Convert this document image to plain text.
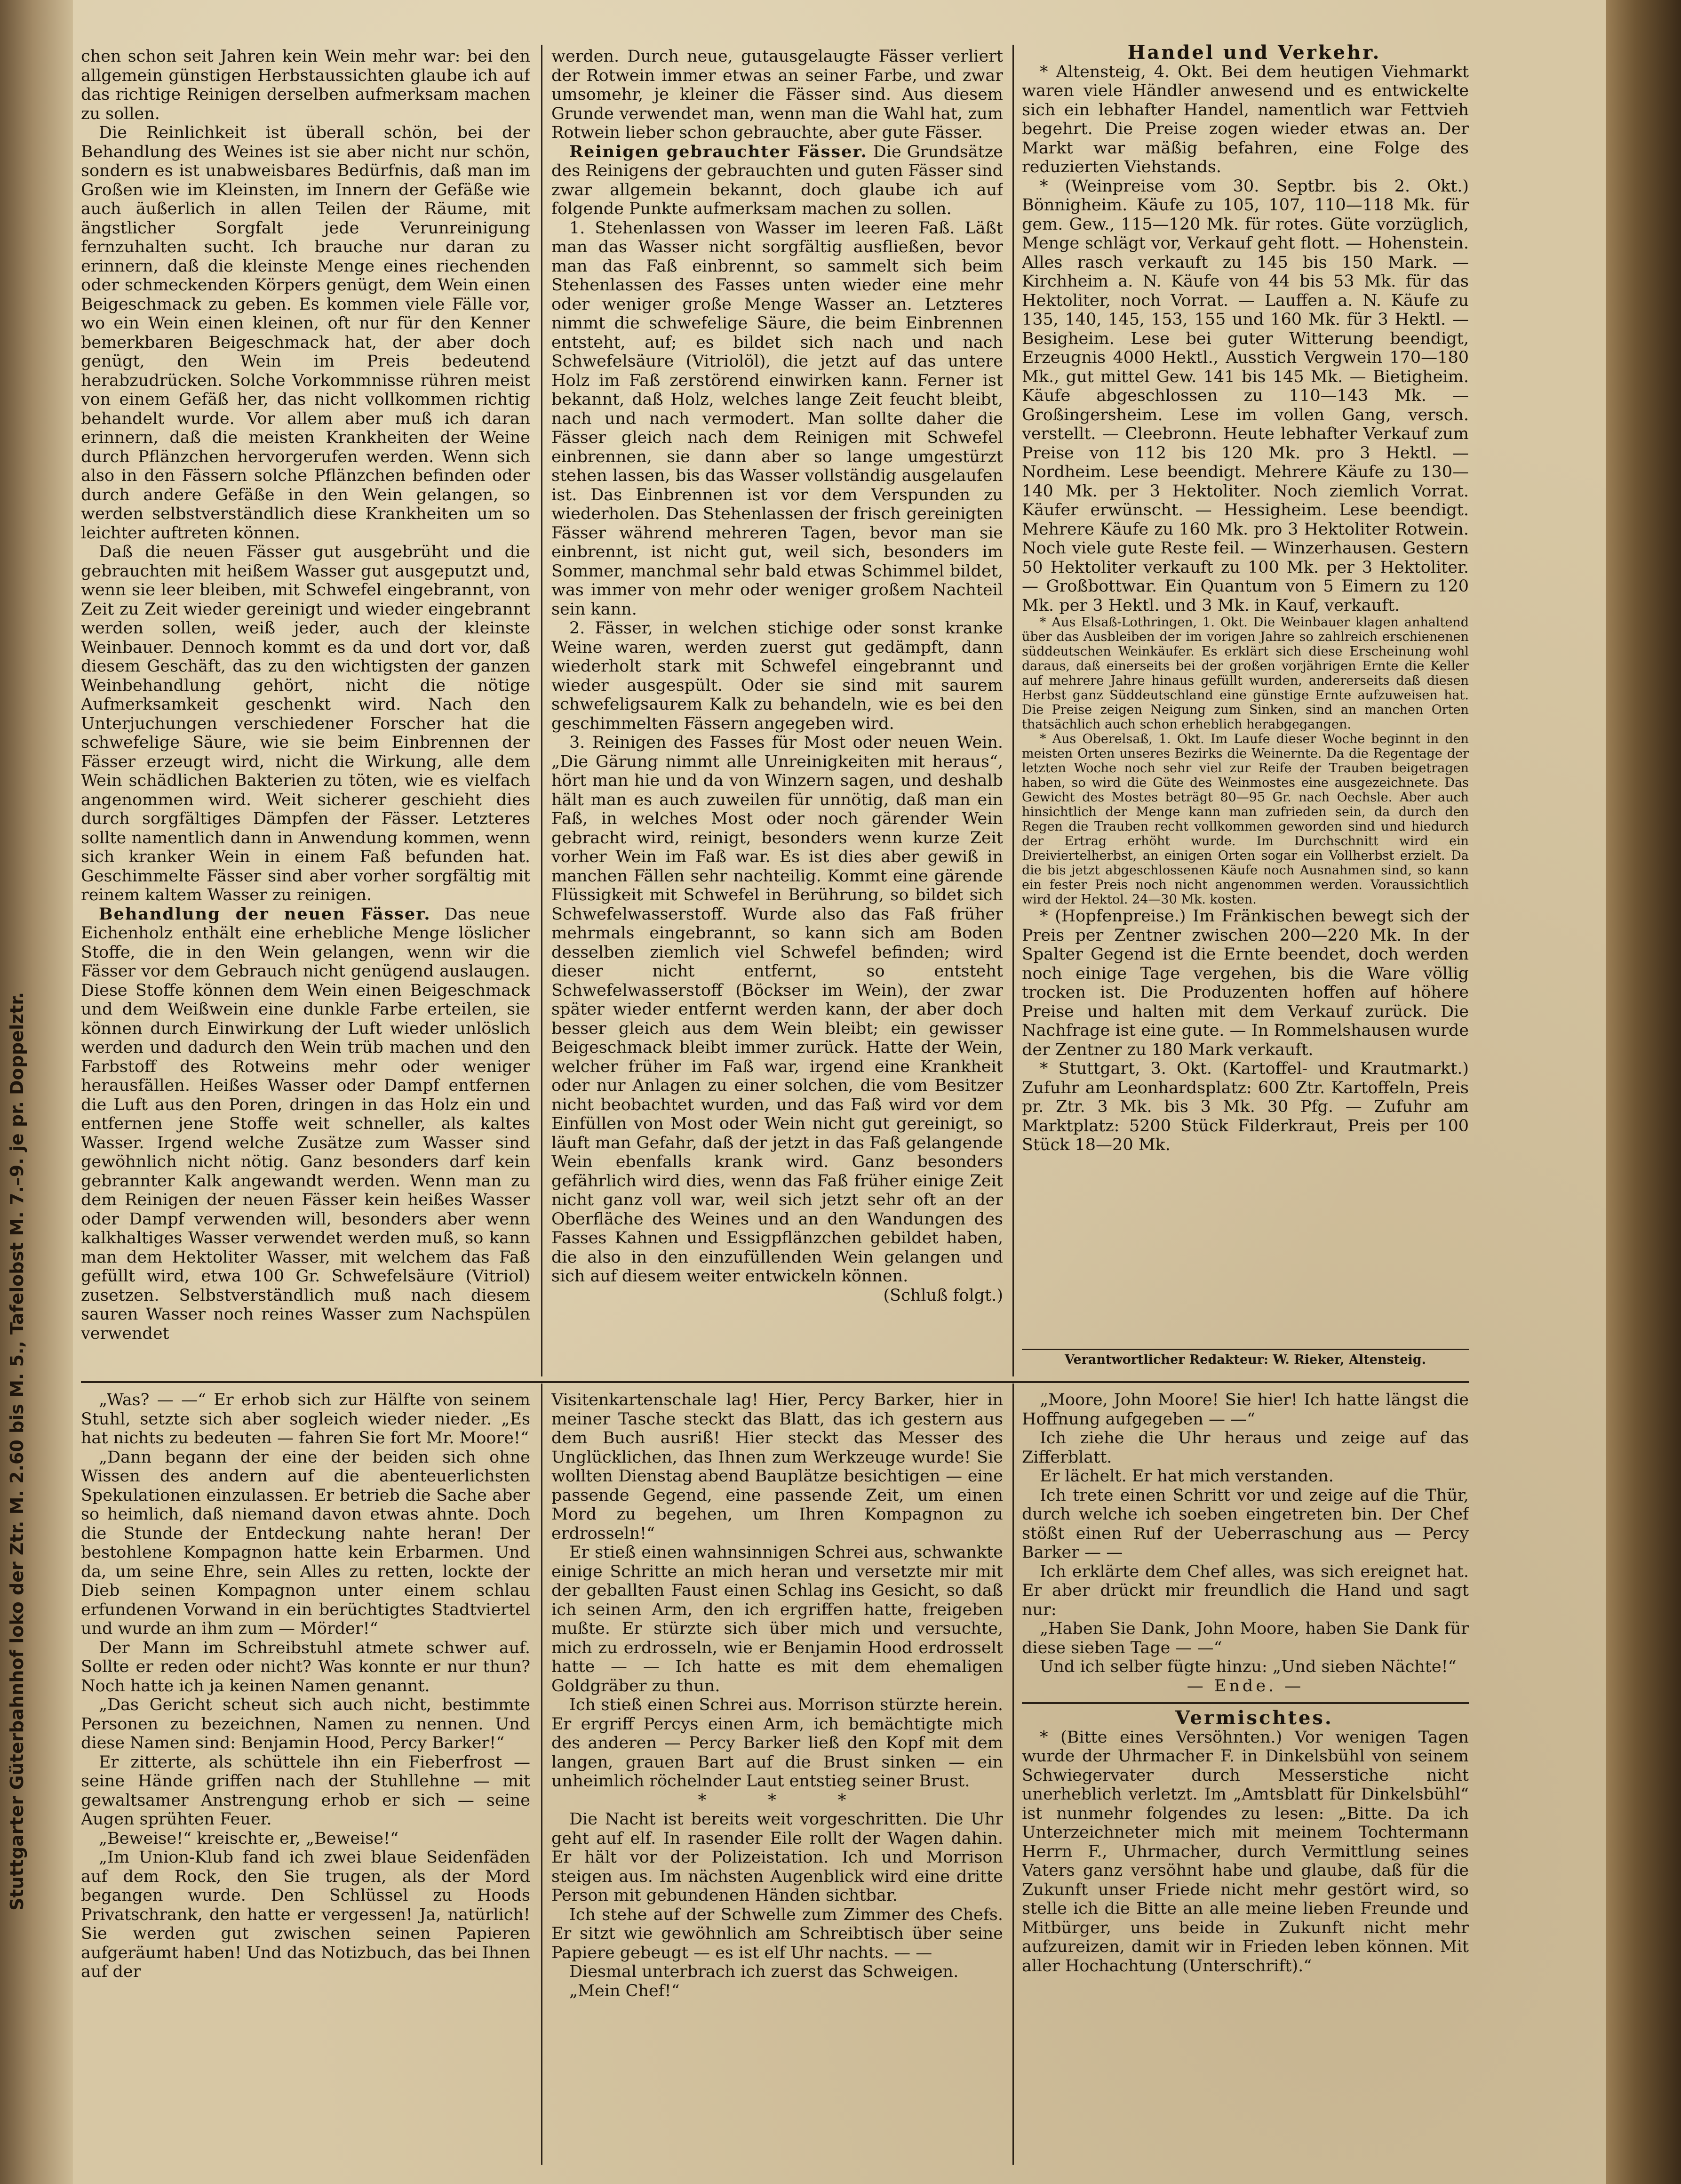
Stuttgarter Güterbahnhof loko der Ztr. M. 2.60 bis M. 5., Tafelobst M. 7.–9. je pr. Doppelztr.

chen schon seit Jahren kein Wein mehr war: bei den allgemein günstigen Herbstaussichten glaube ich auf das richtige Reinigen derselben aufmerksam machen zu sollen.

Die Reinlichkeit ist überall schön, bei der Behandlung des Weines ist sie aber nicht nur schön, sondern es ist unabweisbares Bedürfnis, daß man im Großen wie im Kleinsten, im Innern der Gefäße wie auch äußerlich in allen Teilen der Räume, mit ängstlicher Sorgfalt jede Verunreinigung fernzuhalten sucht. Ich brauche nur daran zu erinnern, daß die kleinste Menge eines riechenden oder schmeckenden Körpers genügt, dem Wein einen Beigeschmack zu geben. Es kommen viele Fälle vor, wo ein Wein einen kleinen, oft nur für den Kenner bemerkbaren Beigeschmack hat, der aber doch genügt, den Wein im Preis bedeutend herabzudrücken. Solche Vorkommnisse rühren meist von einem Gefäß her, das nicht vollkommen richtig behandelt wurde. Vor allem aber muß ich daran erinnern, daß die meisten Krankheiten der Weine durch Pflänzchen hervorgerufen werden. Wenn sich also in den Fässern solche Pflänzchen befinden oder durch andere Gefäße in den Wein gelangen, so werden selbstverständlich diese Krankheiten um so leichter auftreten können.

Daß die neuen Fässer gut ausgebrüht und die gebrauchten mit heißem Wasser gut ausgeputzt und, wenn sie leer bleiben, mit Schwefel eingebrannt, von Zeit zu Zeit wieder gereinigt und wieder eingebrannt werden sollen, weiß jeder, auch der kleinste Weinbauer. Dennoch kommt es da und dort vor, daß diesem Geschäft, das zu den wichtigsten der ganzen Weinbehandlung gehört, nicht die nötige Aufmerksamkeit geschenkt wird. Nach den Unterjuchungen verschiedener Forscher hat die schwefelige Säure, wie sie beim Einbrennen der Fässer erzeugt wird, nicht die Wirkung, alle dem Wein schädlichen Bakterien zu töten, wie es vielfach angenommen wird. Weit sicherer geschieht dies durch sorgfältiges Dämpfen der Fässer. Letzteres sollte namentlich dann in Anwendung kommen, wenn sich kranker Wein in einem Faß befunden hat. Geschimmelte Fässer sind aber vorher sorgfältig mit reinem kaltem Wasser zu reinigen.

Behandlung der neuen Fässer. Das neue Eichenholz enthält eine erhebliche Menge löslicher Stoffe, die in den Wein gelangen, wenn wir die Fässer vor dem Gebrauch nicht genügend auslaugen. Diese Stoffe können dem Wein einen Beigeschmack und dem Weißwein eine dunkle Farbe erteilen, sie können durch Einwirkung der Luft wieder unlöslich werden und dadurch den Wein trüb machen und den Farbstoff des Rotweins mehr oder weniger herausfällen. Heißes Wasser oder Dampf entfernen die Luft aus den Poren, dringen in das Holz ein und entfernen jene Stoffe weit schneller, als kaltes Wasser. Irgend welche Zusätze zum Wasser sind gewöhnlich nicht nötig. Ganz besonders darf kein gebrannter Kalk angewandt werden. Wenn man zu dem Reinigen der neuen Fässer kein heißes Wasser oder Dampf verwenden will, besonders aber wenn kalkhaltiges Wasser verwendet werden muß, so kann man dem Hektoliter Wasser, mit welchem das Faß gefüllt wird, etwa 100 Gr. Schwefelsäure (Vitriol) zusetzen. Selbstverständlich muß nach diesem sauren Wasser noch reines Wasser zum Nachspülen verwendet

werden. Durch neue, gutausgelaugte Fässer verliert der Rotwein immer etwas an seiner Farbe, und zwar umsomehr, je kleiner die Fässer sind. Aus diesem Grunde verwendet man, wenn man die Wahl hat, zum Rotwein lieber schon gebrauchte, aber gute Fässer.

Reinigen gebrauchter Fässer. Die Grundsätze des Reinigens der gebrauchten und guten Fässer sind zwar allgemein bekannt, doch glaube ich auf folgende Punkte aufmerksam machen zu sollen.

1. Stehenlassen von Wasser im leeren Faß. Läßt man das Wasser nicht sorgfältig ausfließen, bevor man das Faß einbrennt, so sammelt sich beim Stehenlassen des Fasses unten wieder eine mehr oder weniger große Menge Wasser an. Letzteres nimmt die schwefelige Säure, die beim Einbrennen entsteht, auf; es bildet sich nach und nach Schwefelsäure (Vitriolöl), die jetzt auf das untere Holz im Faß zerstörend einwirken kann. Ferner ist bekannt, daß Holz, welches lange Zeit feucht bleibt, nach und nach vermodert. Man sollte daher die Fässer gleich nach dem Reinigen mit Schwefel einbrennen, sie dann aber so lange umgestürzt stehen lassen, bis das Wasser vollständig ausgelaufen ist. Das Einbrennen ist vor dem Verspunden zu wiederholen. Das Stehenlassen der frisch gereinigten Fässer während mehreren Tagen, bevor man sie einbrennt, ist nicht gut, weil sich, besonders im Sommer, manchmal sehr bald etwas Schimmel bildet, was immer von mehr oder weniger großem Nachteil sein kann.

2. Fässer, in welchen stichige oder sonst kranke Weine waren, werden zuerst gut gedämpft, dann wiederholt stark mit Schwefel eingebrannt und wieder ausgespült. Oder sie sind mit saurem schwefeligsaurem Kalk zu behandeln, wie es bei den geschimmelten Fässern angegeben wird.

3. Reinigen des Fasses für Most oder neuen Wein. „Die Gärung nimmt alle Unreinigkeiten mit heraus“, hört man hie und da von Winzern sagen, und deshalb hält man es auch zuweilen für unnötig, daß man ein Faß, in welches Most oder noch gärender Wein gebracht wird, reinigt, besonders wenn kurze Zeit vorher Wein im Faß war. Es ist dies aber gewiß in manchen Fällen sehr nachteilig. Kommt eine gärende Flüssigkeit mit Schwefel in Berührung, so bildet sich Schwefelwasserstoff. Wurde also das Faß früher mehrmals eingebrannt, so kann sich am Boden desselben ziemlich viel Schwefel befinden; wird dieser nicht entfernt, so entsteht Schwefelwasserstoff (Böckser im Wein), der zwar später wieder entfernt werden kann, der aber doch besser gleich aus dem Wein bleibt; ein gewisser Beigeschmack bleibt immer zurück. Hatte der Wein, welcher früher im Faß war, irgend eine Krankheit oder nur Anlagen zu einer solchen, die vom Besitzer nicht beobachtet wurden, und das Faß wird vor dem Einfüllen von Most oder Wein nicht gut gereinigt, so läuft man Gefahr, daß der jetzt in das Faß gelangende Wein ebenfalls krank wird. Ganz besonders gefährlich wird dies, wenn das Faß früher einige Zeit nicht ganz voll war, weil sich jetzt sehr oft an der Oberfläche des Weines und an den Wandungen des Fasses Kahnen und Essigpflänzchen gebildet haben, die also in den einzufüllenden Wein gelangen und sich auf diesem weiter entwickeln können.
(Schluß folgt.)

Handel und Verkehr.

* Altensteig, 4. Okt. Bei dem heutigen Viehmarkt waren viele Händler anwesend und es entwickelte sich ein lebhafter Handel, namentlich war Fettvieh begehrt. Die Preise zogen wieder etwas an. Der Markt war mäßig befahren, eine Folge des reduzierten Viehstands.

* (Weinpreise vom 30. Septbr. bis 2. Okt.) Bönnigheim. Käufe zu 105, 107, 110—118 Mk. für gem. Gew., 115—120 Mk. für rotes. Güte vorzüglich, Menge schlägt vor, Verkauf geht flott. — Hohenstein. Alles rasch verkauft zu 145 bis 150 Mark. — Kirchheim a. N. Käufe von 44 bis 53 Mk. für das Hektoliter, noch Vorrat. — Lauffen a. N. Käufe zu 135, 140, 145, 153, 155 und 160 Mk. für 3 Hektl. — Besigheim. Lese bei guter Witterung beendigt, Erzeugnis 4000 Hektl., Ausstich Vergwein 170—180 Mk., gut mittel Gew. 141 bis 145 Mk. — Bietigheim. Käufe abgeschlossen zu 110—143 Mk. — Großingersheim. Lese im vollen Gang, versch. verstellt. — Cleebronn. Heute lebhafter Verkauf zum Preise von 112 bis 120 Mk. pro 3 Hektl. — Nordheim. Lese beendigt. Mehrere Käufe zu 130—140 Mk. per 3 Hektoliter. Noch ziemlich Vorrat. Käufer erwünscht. — Hessigheim. Lese beendigt. Mehrere Käufe zu 160 Mk. pro 3 Hektoliter Rotwein. Noch viele gute Reste feil. — Winzerhausen. Gestern 50 Hektoliter verkauft zu 100 Mk. per 3 Hektoliter. — Großbottwar. Ein Quantum von 5 Eimern zu 120 Mk. per 3 Hektl. und 3 Mk. in Kauf, verkauft.

* Aus Elsaß-Lothringen, 1. Okt. Die Weinbauer klagen anhaltend über das Ausbleiben der im vorigen Jahre so zahlreich erschienenen süddeutschen Weinkäufer. Es erklärt sich diese Erscheinung wohl daraus, daß einerseits bei der großen vorjährigen Ernte die Keller auf mehrere Jahre hinaus gefüllt wurden, andererseits daß diesen Herbst ganz Süddeutschland eine günstige Ernte aufzuweisen hat. Die Preise zeigen Neigung zum Sinken, sind an manchen Orten thatsächlich auch schon erheblich herabgegangen.

* Aus Oberelsaß, 1. Okt. Im Laufe dieser Woche beginnt in den meisten Orten unseres Bezirks die Weinernte. Da die Regentage der letzten Woche noch sehr viel zur Reife der Trauben beigetragen haben, so wird die Güte des Weinmostes eine ausgezeichnete. Das Gewicht des Mostes beträgt 80—95 Gr. nach Oechsle. Aber auch hinsichtlich der Menge kann man zufrieden sein, da durch den Regen die Trauben recht vollkommen geworden sind und hiedurch der Ertrag erhöht wurde. Im Durchschnitt wird ein Dreiviertelherbst, an einigen Orten sogar ein Vollherbst erzielt. Da die bis jetzt abgeschlossenen Käufe noch Ausnahmen sind, so kann ein fester Preis noch nicht angenommen werden. Voraussichtlich wird der Hektol. 24—30 Mk. kosten.

* (Hopfenpreise.) Im Fränkischen bewegt sich der Preis per Zentner zwischen 200—220 Mk. In der Spalter Gegend ist die Ernte beendet, doch werden noch einige Tage vergehen, bis die Ware völlig trocken ist. Die Produzenten hoffen auf höhere Preise und halten mit dem Verkauf zurück. Die Nachfrage ist eine gute. — In Rommelshausen wurde der Zentner zu 180 Mark verkauft.

* Stuttgart, 3. Okt. (Kartoffel- und Krautmarkt.) Zufuhr am Leonhardsplatz: 600 Ztr. Kartoffeln, Preis pr. Ztr. 3 Mk. bis 3 Mk. 30 Pfg. — Zufuhr am Marktplatz: 5200 Stück Filderkraut, Preis per 100 Stück 18—20 Mk.

Verantwortlicher Redakteur: W. Rieker, Altensteig.

„Was? — —“ Er erhob sich zur Hälfte von seinem Stuhl, setzte sich aber sogleich wieder nieder. „Es hat nichts zu bedeuten — fahren Sie fort Mr. Moore!“

„Dann begann der eine der beiden sich ohne Wissen des andern auf die abenteuerlichsten Spekulationen einzulassen. Er betrieb die Sache aber so heimlich, daß niemand davon etwas ahnte. Doch die Stunde der Entdeckung nahte heran! Der bestohlene Kompagnon hatte kein Erbarmen. Und da, um seine Ehre, sein Alles zu retten, lockte der Dieb seinen Kompagnon unter einem schlau erfundenen Vorwand in ein berüchtigtes Stadtviertel und wurde an ihm zum — Mörder!“

Der Mann im Schreibstuhl atmete schwer auf. Sollte er reden oder nicht? Was konnte er nur thun? Noch hatte ich ja keinen Namen genannt.

„Das Gericht scheut sich auch nicht, bestimmte Personen zu bezeichnen, Namen zu nennen. Und diese Namen sind: Benjamin Hood, Percy Barker!“

Er zitterte, als schüttele ihn ein Fieberfrost — seine Hände griffen nach der Stuhllehne — mit gewaltsamer Anstrengung erhob er sich — seine Augen sprühten Feuer.

„Beweise!“ kreischte er, „Beweise!“

„Im Union-Klub fand ich zwei blaue Seidenfäden auf dem Rock, den Sie trugen, als der Mord begangen wurde. Den Schlüssel zu Hoods Privatschrank, den hatte er vergessen! Ja, natürlich! Sie werden gut zwischen seinen Papieren aufgeräumt haben! Und das Notizbuch, das bei Ihnen auf der

Visitenkartenschale lag! Hier, Percy Barker, hier in meiner Tasche steckt das Blatt, das ich gestern aus dem Buch ausriß! Hier steckt das Messer des Unglücklichen, das Ihnen zum Werkzeuge wurde! Sie wollten Dienstag abend Bauplätze besichtigen — eine passende Gegend, eine passende Zeit, um einen Mord zu begehen, um Ihren Kompagnon zu erdrosseln!“

Er stieß einen wahnsinnigen Schrei aus, schwankte einige Schritte an mich heran und versetzte mir mit der geballten Faust einen Schlag ins Gesicht, so daß ich seinen Arm, den ich ergriffen hatte, freigeben mußte. Er stürzte sich über mich und versuchte, mich zu erdrosseln, wie er Benjamin Hood erdrosselt hatte — — Ich hatte es mit dem ehemaligen Goldgräber zu thun.

Ich stieß einen Schrei aus. Morrison stürzte herein. Er ergriff Percys einen Arm, ich bemächtigte mich des anderen — Percy Barker ließ den Kopf mit dem langen, grauen Bart auf die Brust sinken — ein unheimlich röchelnder Laut entstieg seiner Brust.

* * *

Die Nacht ist bereits weit vorgeschritten. Die Uhr geht auf elf. In rasender Eile rollt der Wagen dahin. Er hält vor der Polizeistation. Ich und Morrison steigen aus. Im nächsten Augenblick wird eine dritte Person mit gebundenen Händen sichtbar.

Ich stehe auf der Schwelle zum Zimmer des Chefs. Er sitzt wie gewöhnlich am Schreibtisch über seine Papiere gebeugt — es ist elf Uhr nachts. — —

Diesmal unterbrach ich zuerst das Schweigen.

„Mein Chef!“

„Moore, John Moore! Sie hier! Ich hatte längst die Hoffnung aufgegeben — —“

Ich ziehe die Uhr heraus und zeige auf das Zifferblatt.

Er lächelt. Er hat mich verstanden.

Ich trete einen Schritt vor und zeige auf die Thür, durch welche ich soeben eingetreten bin. Der Chef stößt einen Ruf der Ueberraschung aus — Percy Barker — —

Ich erklärte dem Chef alles, was sich ereignet hat. Er aber drückt mir freundlich die Hand und sagt nur:

„Haben Sie Dank, John Moore, haben Sie Dank für diese sieben Tage — —“

Und ich selber fügte hinzu: „Und sieben Nächte!“

— Ende. —

Vermischtes.

* (Bitte eines Versöhnten.) Vor wenigen Tagen wurde der Uhrmacher F. in Dinkelsbühl von seinem Schwiegervater durch Messerstiche nicht unerheblich verletzt. Im „Amtsblatt für Dinkelsbühl“ ist nunmehr folgendes zu lesen: „Bitte. Da ich Unterzeichneter mich mit meinem Tochtermann Herrn F., Uhrmacher, durch Vermittlung seines Vaters ganz versöhnt habe und glaube, daß für die Zukunft unser Friede nicht mehr gestört wird, so stelle ich die Bitte an alle meine lieben Freunde und Mitbürger, uns beide in Zukunft nicht mehr aufzureizen, damit wir in Frieden leben können. Mit aller Hochachtung (Unterschrift).“
